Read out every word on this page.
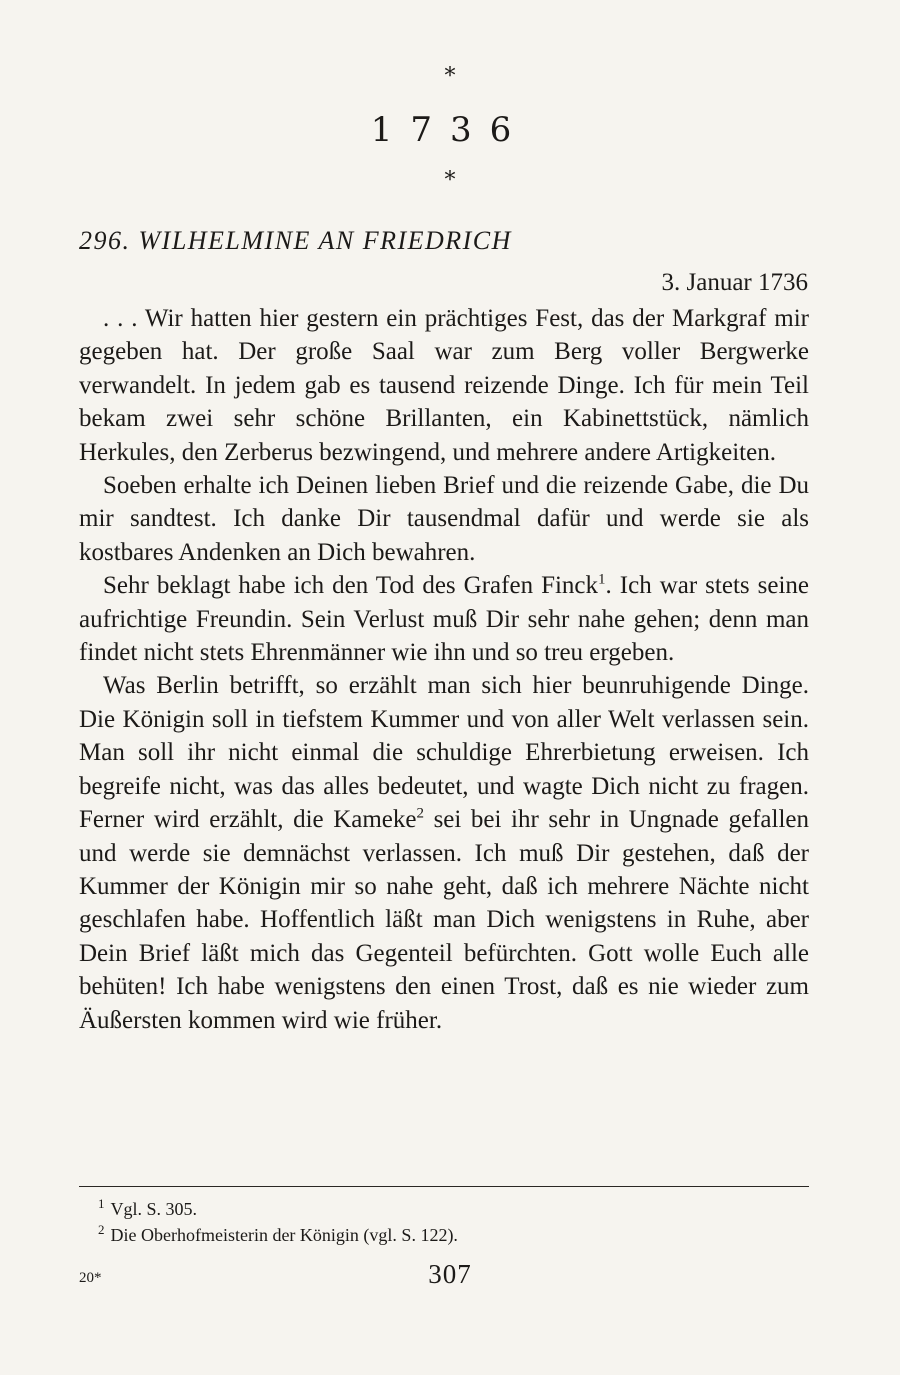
*
1736
*
296. WILHELMINE AN FRIEDRICH
3. Januar 1736

. . . Wir hatten hier gestern ein prächtiges Fest, das der Markgraf mir gegeben hat. Der große Saal war zum Berg voller Bergwerke verwandelt. In jedem gab es tausend reizende Dinge. Ich für mein Teil bekam zwei sehr schöne Brillanten, ein Kabinettstück, nämlich Herkules, den Zerberus bezwingend, und mehrere andere Artigkeiten.

Soeben erhalte ich Deinen lieben Brief und die reizende Gabe, die Du mir sandtest. Ich danke Dir tausendmal dafür und werde sie als kostbares Andenken an Dich bewahren.

Sehr beklagt habe ich den Tod des Grafen Finck$^1$. Ich war stets seine aufrichtige Freundin. Sein Verlust muß Dir sehr nahe gehen; denn man findet nicht stets Ehrenmänner wie ihn und so treu ergeben.

Was Berlin betrifft, so erzählt man sich hier beunruhigende Dinge. Die Königin soll in tiefstem Kummer und von aller Welt verlassen sein. Man soll ihr nicht einmal die schuldige Ehrerbietung erweisen. Ich begreife nicht, was das alles bedeutet, und wagte Dich nicht zu fragen. Ferner wird erzählt, die Kameke$^2$ sei bei ihr sehr in Ungnade gefallen und werde sie demnächst verlassen. Ich muß Dir gestehen, daß der Kummer der Königin mir so nahe geht, daß ich mehrere Nächte nicht geschlafen habe. Hoffentlich läßt man Dich wenigstens in Ruhe, aber Dein Brief läßt mich das Gegenteil befürchten. Gott wolle Euch alle behüten! Ich habe wenigstens den einen Trost, daß es nie wieder zum Äußersten kommen wird wie früher.

$^1$ Vgl. S. 305.
$^2$ Die Oberhofmeisterin der Königin (vgl. S. 122).
20*	307
